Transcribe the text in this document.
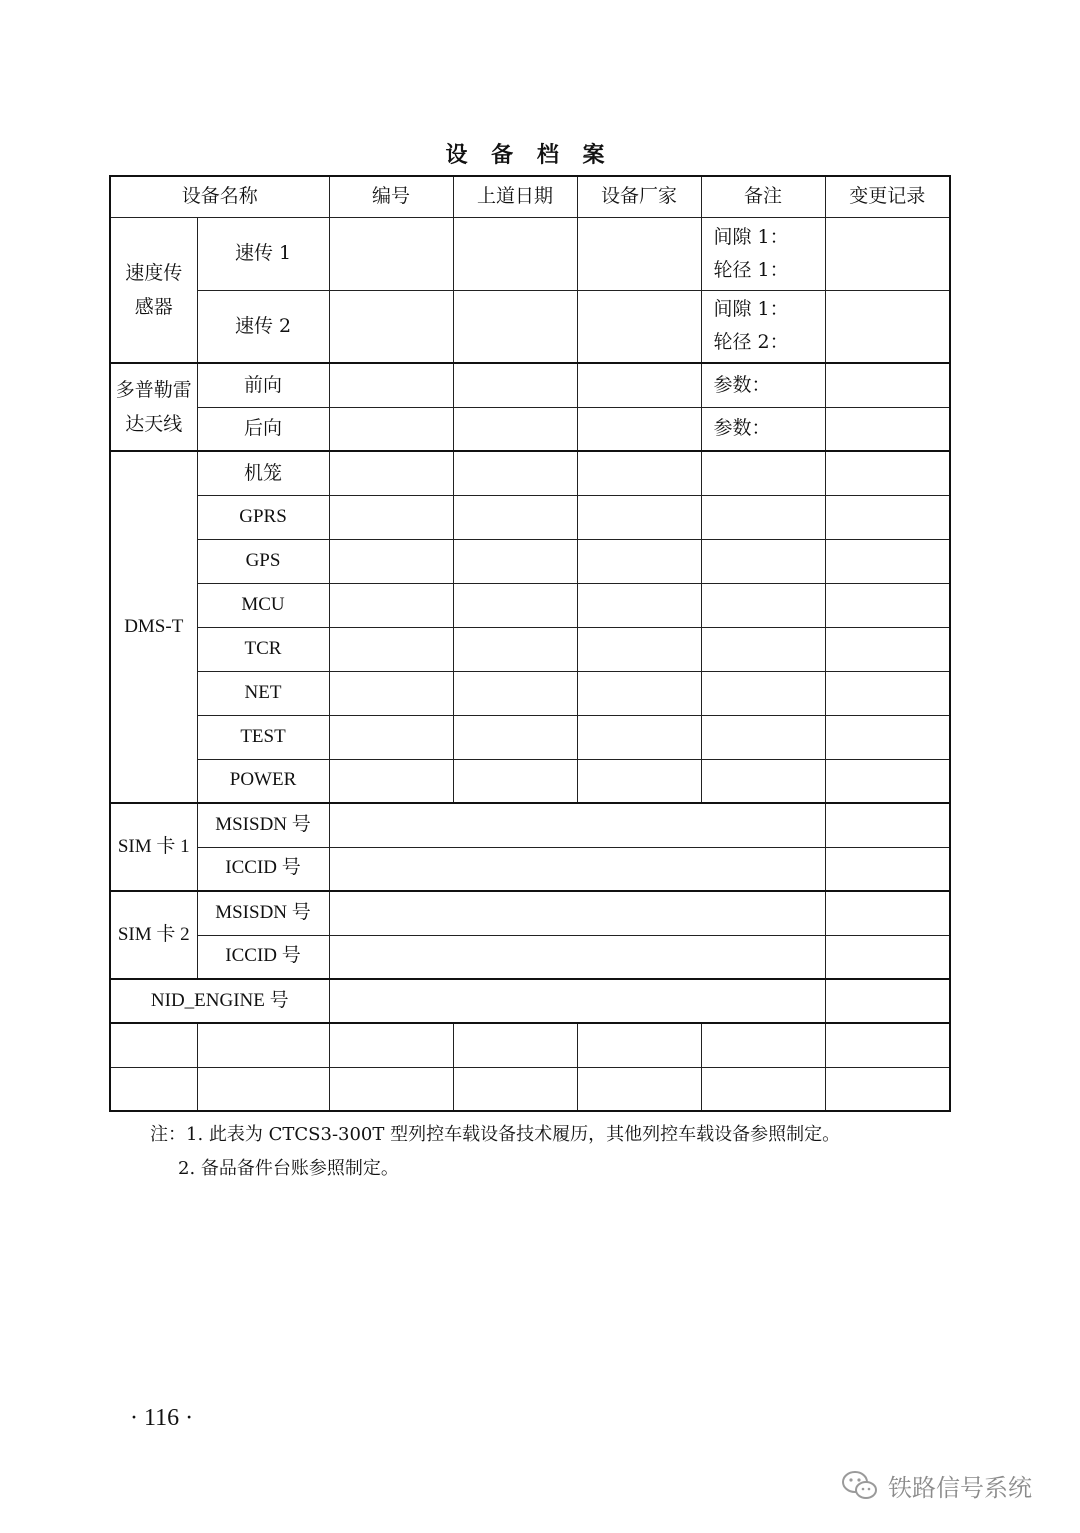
设 备 档 案
设备名称		编号	上道日期	设备厂家	备注	变更记录
速度传感器	速传 1				间隙 1：
轮径 1：	

	速传 2				间隙 1：
轮径 2：	

多普勒雷达天线	前向				参数：	
	后向				参数：	
DMS-T	机笼					
	GPRS					
	GPS					
	MCU					
	TCR					
	NET					
	TEST					
	POWER					
SIM 卡 1	MSISDN 号					
	ICCID 号					
SIM 卡 2	MSISDN 号					
	ICCID 号					
NID_ENGINE 号						

注：1. 此表为 CTCS3-300T 型列控车载设备技术履历，其他列控车载设备参照制定。
2. 备品备件台账参照制定。
· 116 ·
铁路信号系统
